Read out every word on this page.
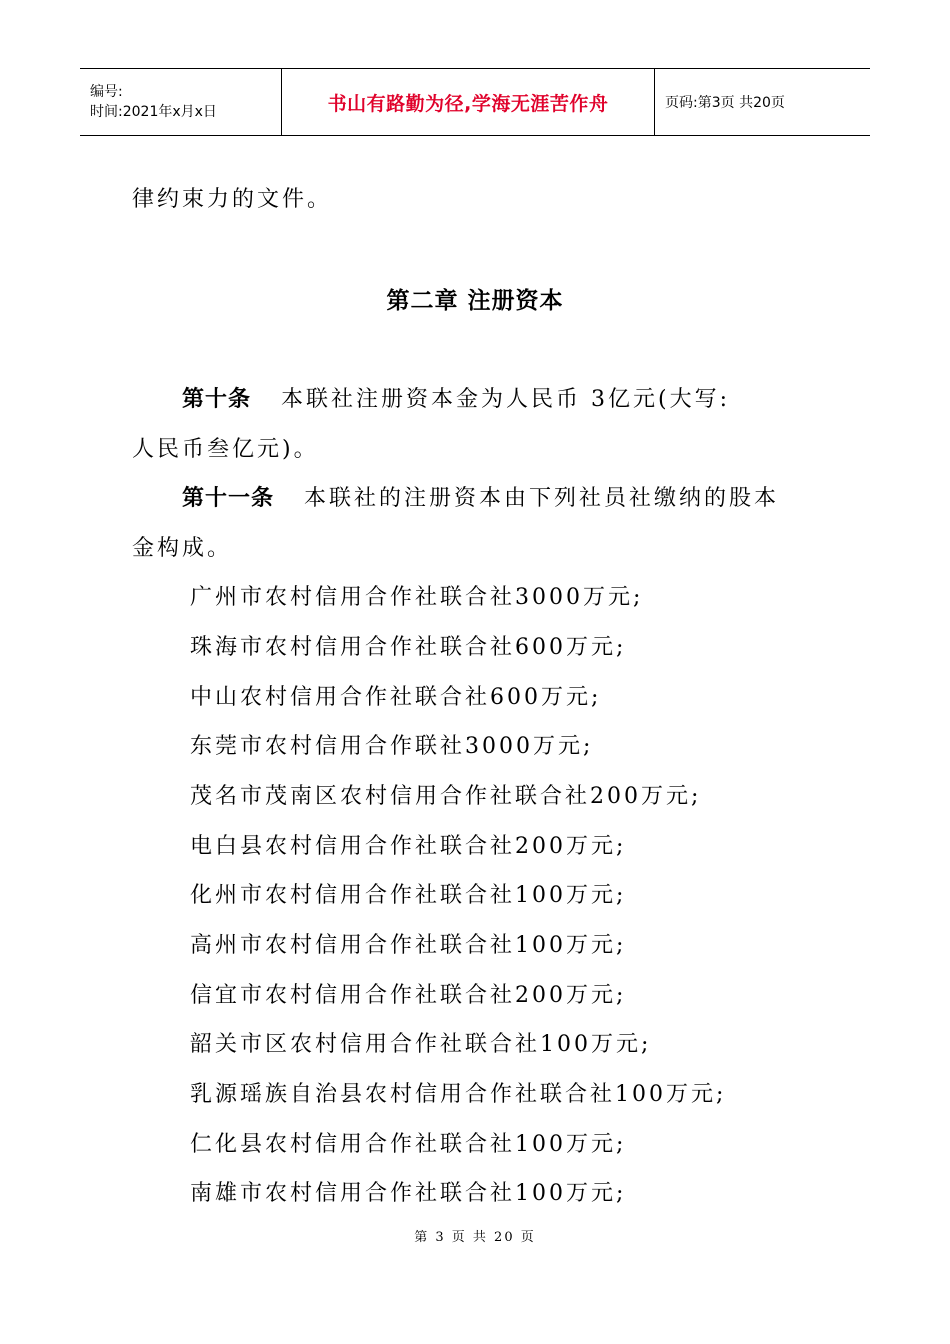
编号:
时间:2021年x月x日	书山有路勤为径,学海无涯苦作舟	页码:第3页 共20页
律约束力的文件。
第二章 注册资本
第十条 本联社注册资本金为人民币 3亿元(大写:
人民币叁亿元)。
第十一条 本联社的注册资本由下列社员社缴纳的股本
金构成。
广州市农村信用合作社联合社3000万元;
珠海市农村信用合作社联合社600万元;
中山农村信用合作社联合社600万元;
东莞市农村信用合作联社3000万元;
茂名市茂南区农村信用合作社联合社200万元;
电白县农村信用合作社联合社200万元;
化州市农村信用合作社联合社100万元;
高州市农村信用合作社联合社100万元;
信宜市农村信用合作社联合社200万元;
韶关市区农村信用合作社联合社100万元;
乳源瑶族自治县农村信用合作社联合社100万元;
仁化县农村信用合作社联合社100万元;
南雄市农村信用合作社联合社100万元;
第 3 页 共 20 页
